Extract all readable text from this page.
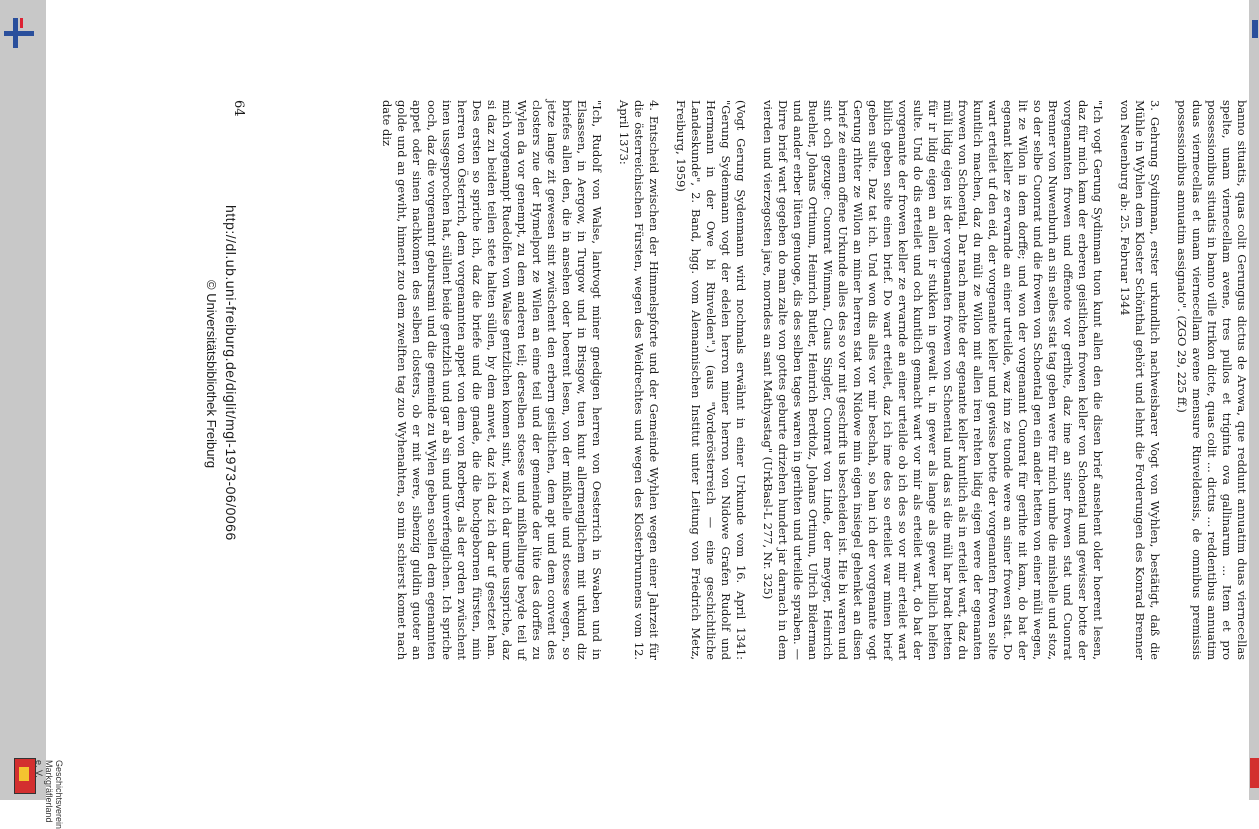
Geschichtsverein Markgräflerland e. V.

banno situatis, quas colit Gerungus dictus de Arowa, que reddunt annuatim duas viernecellas spelte, unam viernecellam avene, tres pullos et triginta ova gallinarum ... Item et pro possessionibus situatis in banno ville Itrikon dicte, quas colit ... dictus ... reddentibus annuatim duas viernecellas et unam viernecellam avene mensure Rinveldensis, de omnibus premissis possessionibus annuatim assignato". (ZGO 29, 225 ff.)

3. Gehrung Sydinman, erster urkundlich nachweisbarer Vogt von Wyhlen, bestätigt, daß die Mühle in Wyhlen dem Kloster Schönthal gehört und lehnt die Forderungen des Konrad Brenner von Neuenburg ab: 25. Februar 1344

"Ich vogt Gerung Sydinman tuon kunt allen den die disen brief ansehent older hoerent lesen, daz für mich kam der erberen geistlichen frowen keller von Schoental und gewisser botte der vorgenannten frowen und offenote vor gerihte, daz ime an siner frowen stat und Cuonrat Brenner von Nuwenburh an sin selbes stat tag geben were für mich umbe die mishelle und stoz, so der selbe Cuonrat und die frowen von Schoental gen ein ander hetten von einer müli wegen, lit ze Wilon in dem dorffe; und won der vorgenannt Cuonrat für gerihte nit kam, do bat der egenant keller ze ervarnde an einer urteilde, waz inn ze tuonde were an siner frowen stat. Do wart erteilet uf den eid, der vorgenante keller und gewisse botte der vorgenanten frowen solte kuntlich machen, daz du müli ze Wilon mit allen iren rehten lidig eigen were der egenanten frowen von Schoental. Dar nach machte der egenante keller kuntlich als in erteilet wart, daz du müli lidig eigen ist der vorgenanten frowen von Schoental und das si die müli har bradt hetten für ir lidig eigen an allen ir stukken in gewalt u. in gewer als lange als gewer billich helfen sulte. Und do dis erteilet und och kuntlich gemacht wart vor mir als erteilet wart, do bat der vorgenante der frowen keller ze ervarnde an einer urteilde ob ich des so vor mir erteilet wart billich geben solte einen brief. Do wart erteilet, daz ich ime des so erteilet war minen brief geben sulte. Daz tat ich. Und won dis alles vor mir beschah, so han ich der vorgenante vogt Gerung rihter ze Wilon an miner herren stat von Nidowe min eigen insiegel gehenket an disen brief ze einem offene Urkunde alles des so vor mit geschrift us bescheiden ist. Hie bi waren und sint och gezuge: Cuonrat Winman, Claus Singler, Cuonrat von Linde, der meyger, Heinrich Buehler, Johans Ortinum, Heinrich Butler, Heinrich Berdtolz, Johans Ortinun, Ulrich Biderman und ander erber lüten genuoge, dis des selben tages waren in gerihten und urteilde spraben. — Dirre brief wart gegeben do man zalte von gottes geburte drizehen hundert jar darnach in dem vierden und vierzegosten jare, morndes an sant Mathyastag" (UrkBasl-L 277, Nr. 325)

(Vogt Gerung Sydenmann wird nochmals erwähnt in einer Urkunde vom 16. April 1341: "Gerung Sydenmann vogt der edelen herron miner herron von Nidowe Grafen Rudolf und Hermann in der Owe bi Rinvelden".) (aus "Vorderösterreich — eine geschichtliche Landeskunde", 2. Band, hgg. vom Alemannischen Institut unter Leitung von Friedrich Metz, Freiburg, 1959)

4. Entscheid zwischen der Himmelspforte und der Gemeinde Wyhlen wegen einer Jahrzeit für die österreichischen Fürsten, wegen des Weidrechtes und wegen des Klosterbrunnens vom 12. April 1373:

"Ich, Rudolf von Walse, lantvogt miner gnedigen herren von Oesterrich in Swaben und in Elsassen, in Aergow, in Turgow und in Brisgow, tuen kunt allermenglichem mit urkund diz briefes allen den, die in ansehen oder hoerent lesen, von der mißhelle und stoesse wegen, so jetze lange zit gewesen sint zwüschent den erbern geistlichen, dem apt und dem convent des closters zue der Hymelport ze Wilen an eime teil und der gemeinde der lüte des dorffes zu Wylen da vor genempt, zu dem anderen teil; derselben stoesse und mißhellunge beyde teil uf mich vorgenampt Ruedolfen von Walse gentzlichen komen sint, waz ich dar umbe usspriche, daz si daz zu beiden teilen stete halten süllen, by dem anwet, daz ich daz ich dar uf gesetzet han. Des ersten so spriche ich, daz die briefe und die gnade, die die hochgebornen fürsten, min herren von Österrich, dem vorgenannten appet von dem von Rorberg, als der orden zwüschent inen ussgesprochen hat, süllent beide gentzlich und gar ab sin und unverfenglichen. Ich spriche ooch, daz die vorgenannt gebursami und die gemeinde zu Wylen geben soellen dem egenannten appet oder sinen nachkomen des selben closters, ob er mit were, sibenzig guldin guoter an golde und an gewiht, himent zuo dem zwelften tag zuo Wyhenahten, so min schierst komet nach date diz

64
http://dl.ub.uni-freiburg.de/diglit/mgl-1973-06/0066
© Universitätsbibliothek Freiburg
